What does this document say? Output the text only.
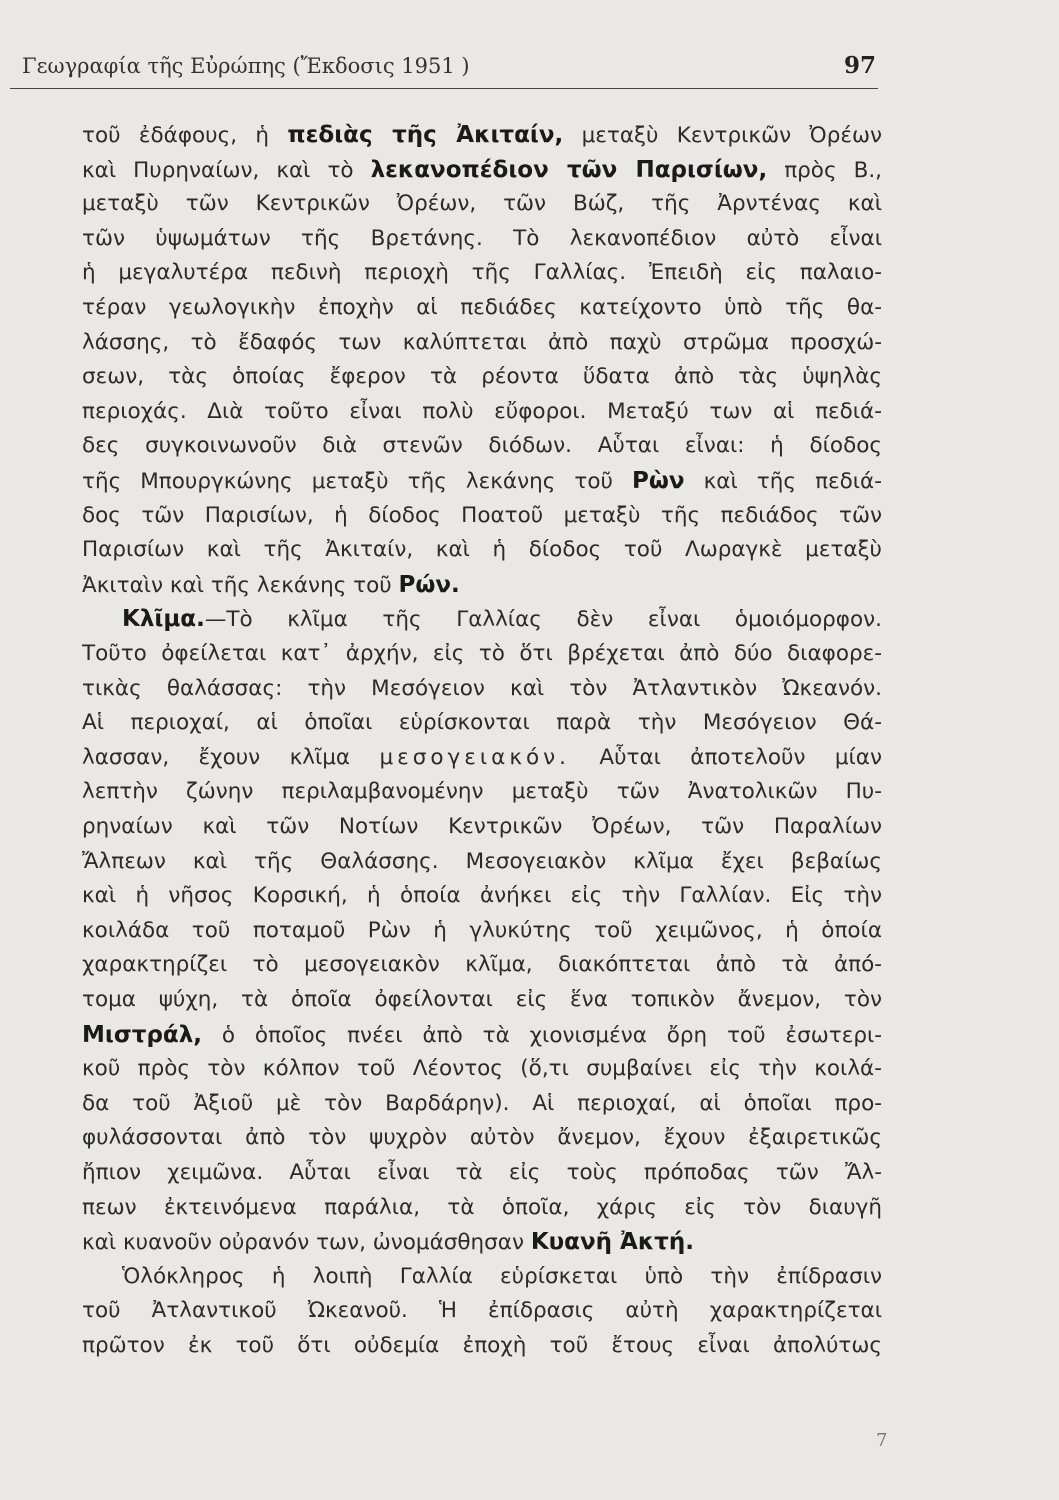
Γεωγραφία τῆς Εὐρώπης (Ἔκδοσις 1951 )	97
τοῦ ἐδάφους, ἡ πεδιὰς τῆς Ἀκιταίν, μεταξὺ Κεντρικῶν Ὀρέων
καὶ Πυρηναίων, καὶ τὸ λεκανοπέδιον τῶν Παρισίων, πρὸς Β.,
μεταξὺ τῶν Κεντρικῶν Ὀρέων, τῶν Βώζ, τῆς Ἀρντένας καὶ
τῶν ὑψωμάτων τῆς Βρετάνης. Τὸ λεκανοπέδιον αὐτὸ εἶναι
ἡ μεγαλυτέρα πεδινὴ περιοχὴ τῆς Γαλλίας. Ἐπειδὴ εἰς παλαιο-
τέραν γεωλογικὴν ἐποχὴν αἱ πεδιάδες κατείχοντο ὑπὸ τῆς θα-
λάσσης, τὸ ἔδαφός των καλύπτεται ἀπὸ παχὺ στρῶμα προσχώ-
σεων, τὰς ὁποίας ἔφερον τὰ ρέοντα ὕδατα ἀπὸ τὰς ὑψηλὰς
περιοχάς. Διὰ τοῦτο εἶναι πολὺ εὔφοροι. Μεταξύ των αἱ πεδιά-
δες συγκοινωνοῦν διὰ στενῶν διόδων. Αὗται εἶναι: ἡ δίοδος
τῆς Μπουργκώνης μεταξὺ τῆς λεκάνης τοῦ Ρὼν καὶ τῆς πεδιά-
δος τῶν Παρισίων, ἡ δίοδος Ποατοῦ μεταξὺ τῆς πεδιάδος τῶν
Παρισίων καὶ τῆς Ἀκιταίν, καὶ ἡ δίοδος τοῦ Λωραγκὲ μεταξὺ
Ἀκιταὶν καὶ τῆς λεκάνης τοῦ Ρών.
Κλῖμα.—Τὸ κλῖμα τῆς Γαλλίας δὲν εἶναι ὁμοιόμορφον.
Τοῦτο ὀφείλεται κατ᾽ ἀρχήν, εἰς τὸ ὅτι βρέχεται ἀπὸ δύο διαφορε-
τικὰς θαλάσσας: τὴν Μεσόγειον καὶ τὸν Ἀτλαντικὸν Ὠκεανόν.
Αἱ περιοχαί, αἱ ὁποῖαι εὑρίσκονται παρὰ τὴν Μεσόγειον Θά-
λασσαν, ἔχουν κλῖμα μεσογειακόν. Αὗται ἀποτελοῦν μίαν
λεπτὴν ζώνην περιλαμβανομένην μεταξὺ τῶν Ἀνατολικῶν Πυ-
ρηναίων καὶ τῶν Νοτίων Κεντρικῶν Ὀρέων, τῶν Παραλίων
Ἄλπεων καὶ τῆς Θαλάσσης. Μεσογειακὸν κλῖμα ἔχει βεβαίως
καὶ ἡ νῆσος Κορσική, ἡ ὁποία ἀνήκει εἰς τὴν Γαλλίαν. Εἰς τὴν
κοιλάδα τοῦ ποταμοῦ Ρὼν ἡ γλυκύτης τοῦ χειμῶνος, ἡ ὁποία
χαρακτηρίζει τὸ μεσογειακὸν κλῖμα, διακόπτεται ἀπὸ τὰ ἀπό-
τομα ψύχη, τὰ ὁποῖα ὀφείλονται εἰς ἕνα τοπικὸν ἄνεμον, τὸν
Μιστράλ, ὁ ὁποῖος πνέει ἀπὸ τὰ χιονισμένα ὄρη τοῦ ἐσωτερι-
κοῦ πρὸς τὸν κόλπον τοῦ Λέοντος (ὅ,τι συμβαίνει εἰς τὴν κοιλά-
δα τοῦ Ἀξιοῦ μὲ τὸν Βαρδάρην). Αἱ περιοχαί, αἱ ὁποῖαι προ-
φυλάσσονται ἀπὸ τὸν ψυχρὸν αὐτὸν ἄνεμον, ἔχουν ἐξαιρετικῶς
ἤπιον χειμῶνα. Αὗται εἶναι τὰ εἰς τοὺς πρόποδας τῶν Ἄλ-
πεων ἐκτεινόμενα παράλια, τὰ ὁποῖα, χάρις εἰς τὸν διαυγῆ
καὶ κυανοῦν οὐρανόν των, ὠνομάσθησαν Κυανῆ Ἀκτή.
Ὁλόκληρος ἡ λοιπὴ Γαλλία εὑρίσκεται ὑπὸ τὴν ἐπίδρασιν
τοῦ Ἀτλαντικοῦ Ὠκεανοῦ. Ἡ ἐπίδρασις αὐτὴ χαρακτηρίζεται
πρῶτον ἐκ τοῦ ὅτι οὐδεμία ἐποχὴ τοῦ ἔτους εἶναι ἀπολύτως
7
